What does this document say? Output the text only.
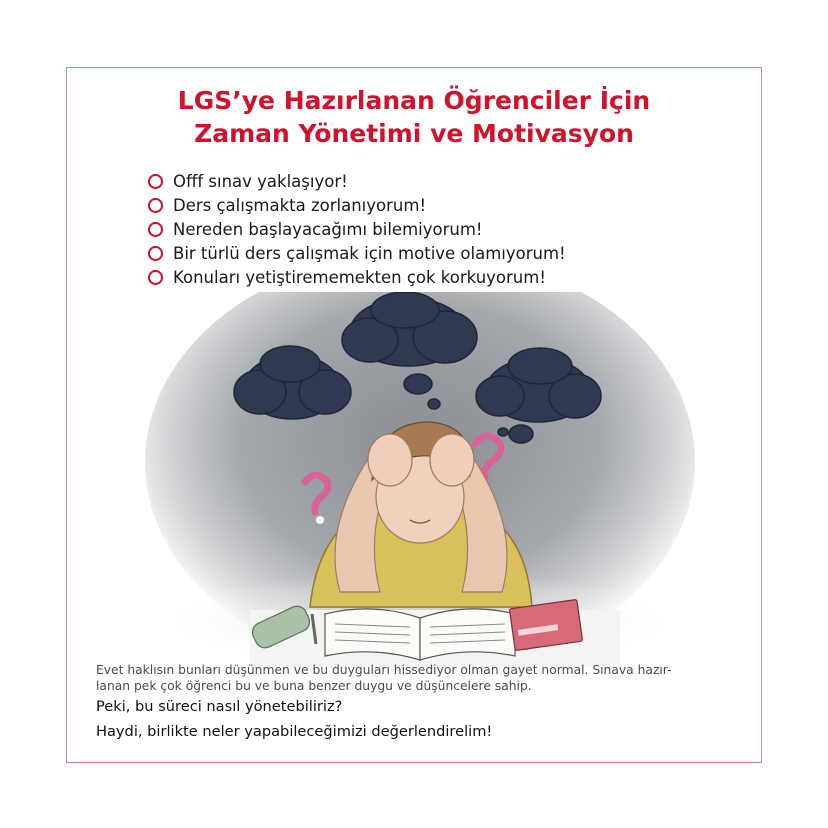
LGS’ye Hazırlanan Öğrenciler İçin
Zaman Yönetimi ve Motivasyon
Offf sınav yaklaşıyor!
Ders çalışmakta zorlanıyorum!
Nereden başlayacağımı bilemiyorum!
Bir türlü ders çalışmak için motive olamıyorum!
Konuları yetiştirememekten çok korkuyorum!
Evet haklısın bunları düşünmen ve bu duyguları hissediyor olman gayet normal. Sınava hazır-
lanan pek çok öğrenci bu ve buna benzer duygu ve düşüncelere sahip.
Peki, bu süreci nasıl yönetebiliriz?
Haydi, birlikte neler yapabileceğimizi değerlendirelim!
